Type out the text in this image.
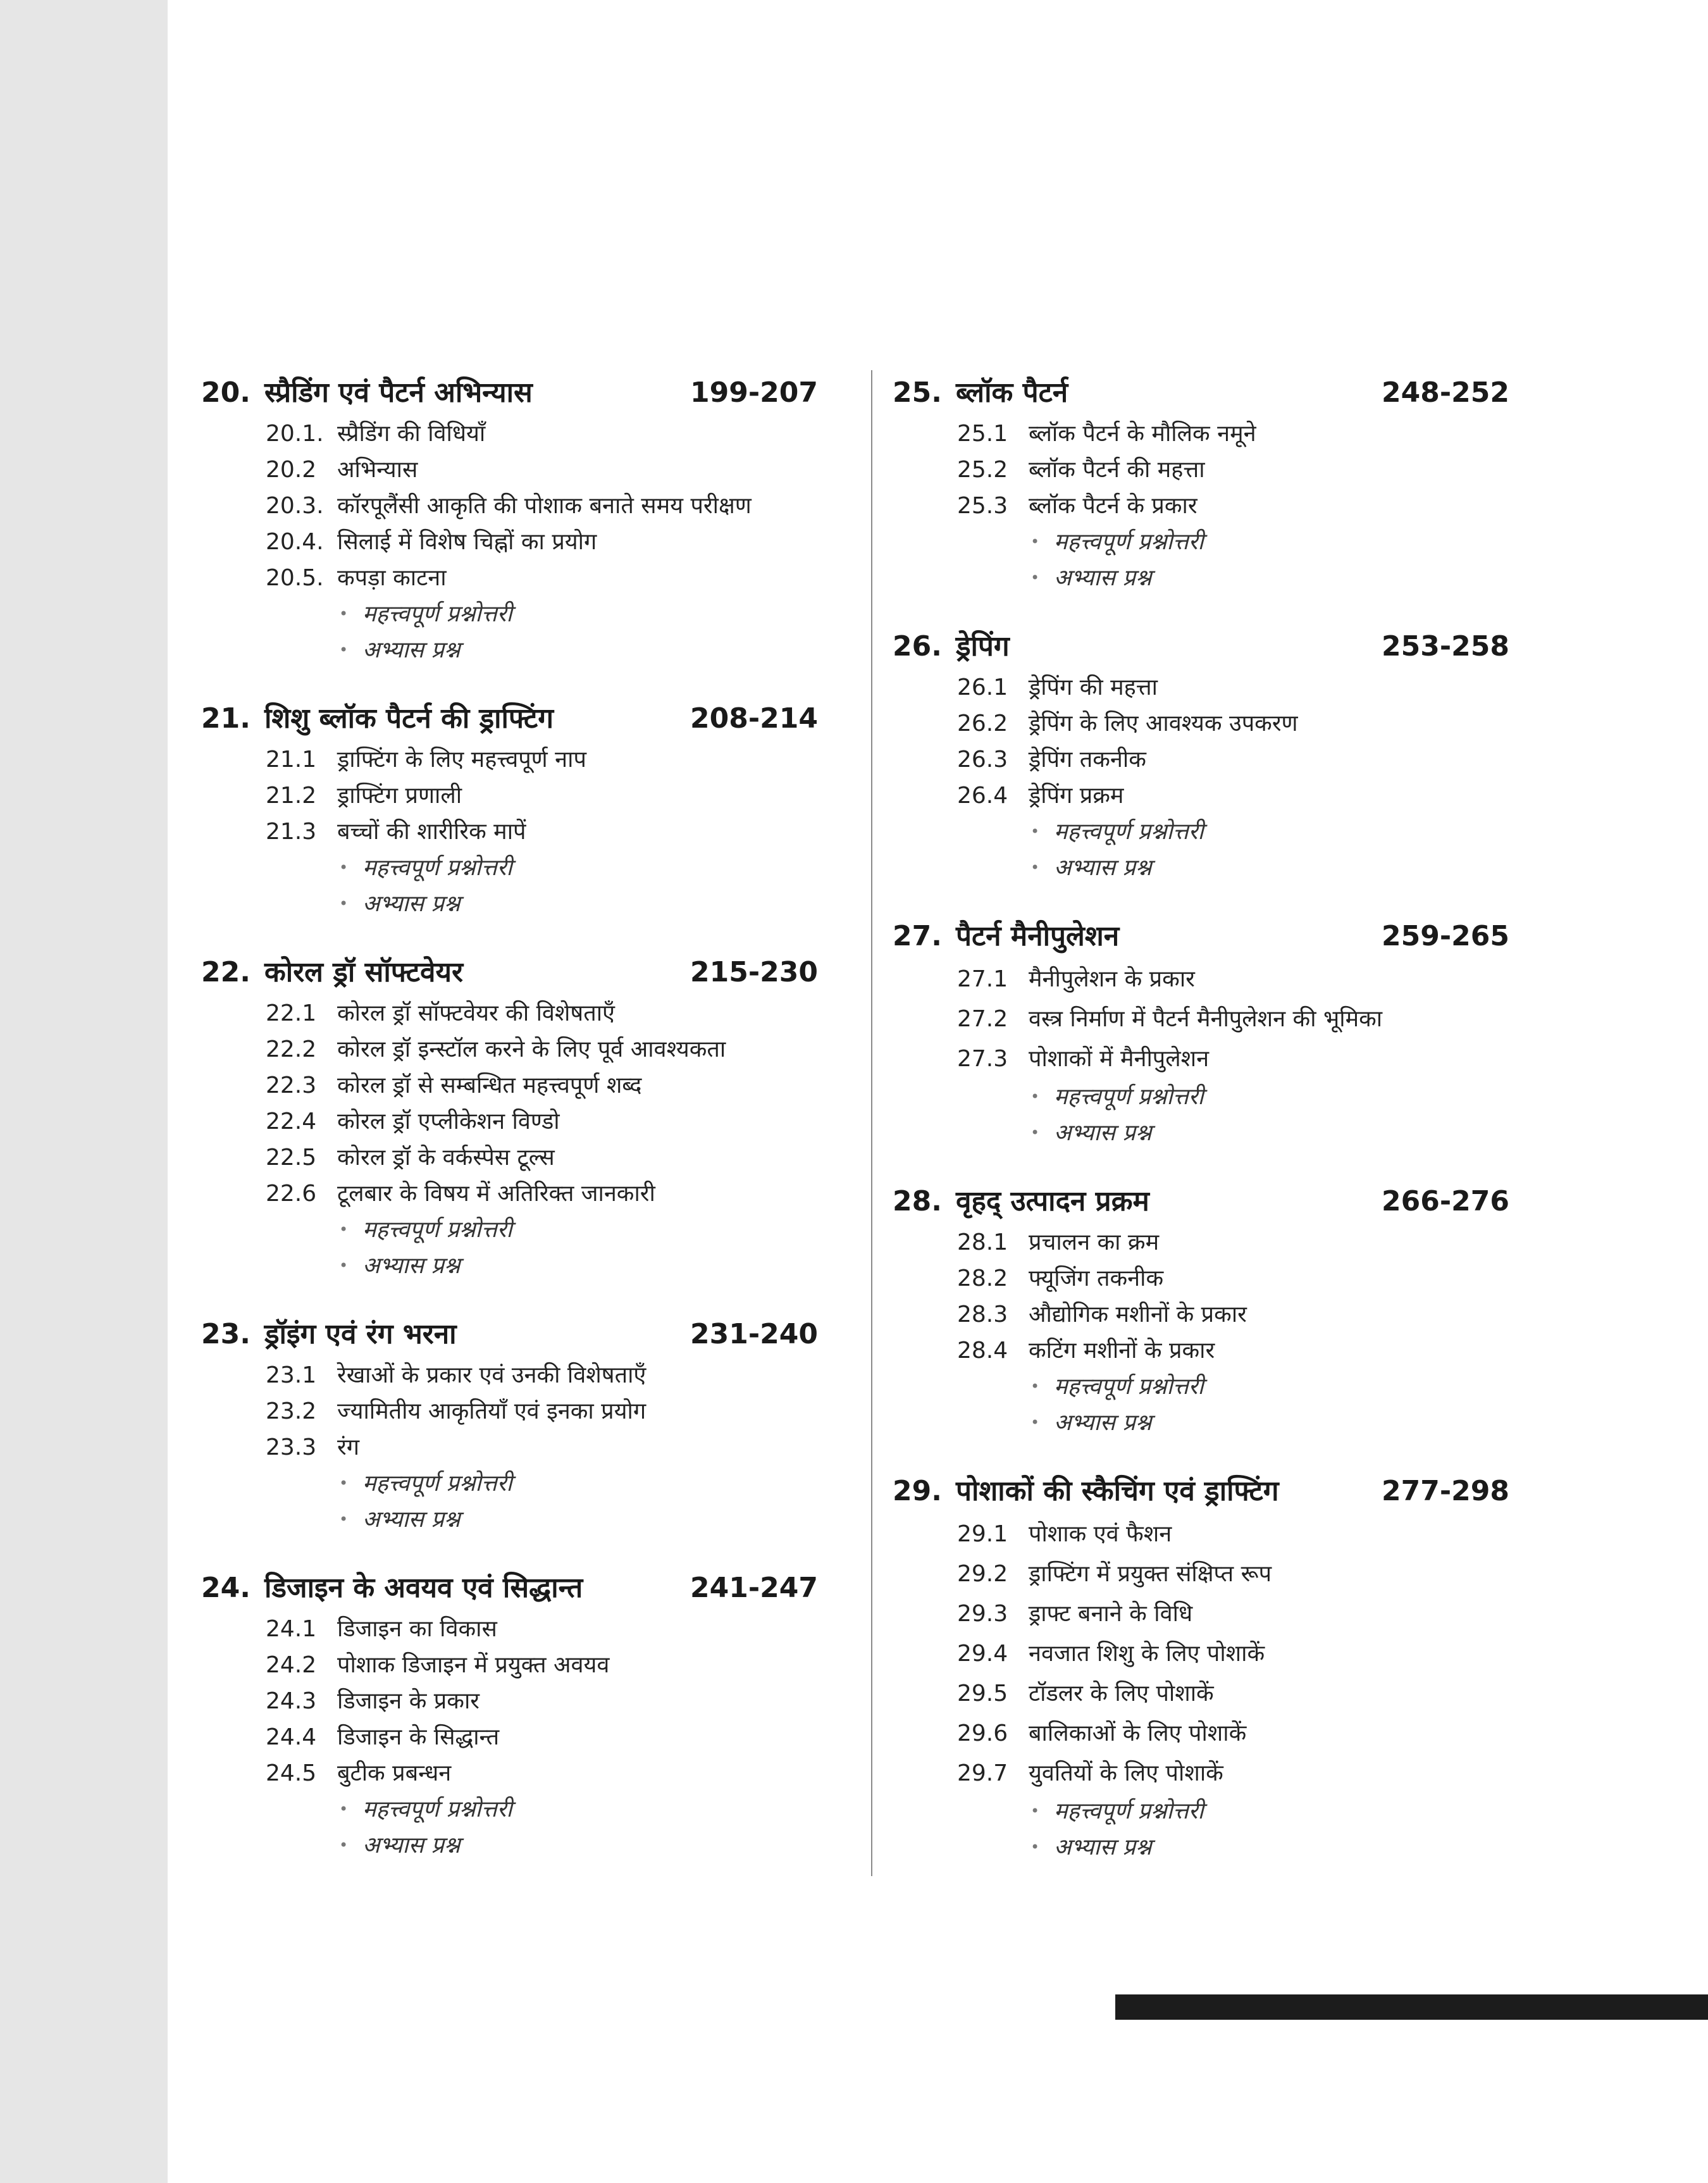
20. स्प्रैडिंग एवं पैटर्न अभिन्यास	199-207
20.1. स्प्रैडिंग की विधियाँ
20.2 अभिन्यास
20.3. कॉरपूलैंसी आकृति की पोशाक बनाते समय परीक्षण
20.4. सिलाई में विशेष चिह्नों का प्रयोग
20.5. कपड़ा काटना
• महत्त्वपूर्ण प्रश्नोत्तरी
• अभ्यास प्रश्न
21. शिशु ब्लॉक पैटर्न की ड्राफ्टिंग	208-214
21.1 ड्राफ्टिंग के लिए महत्त्वपूर्ण नाप
21.2 ड्राफ्टिंग प्रणाली
21.3 बच्चों की शारीरिक मापें
• महत्त्वपूर्ण प्रश्नोत्तरी
• अभ्यास प्रश्न
22. कोरल ड्रॉ सॉफ्टवेयर	215-230
22.1 कोरल ड्रॉ सॉफ्टवेयर की विशेषताएँ
22.2 कोरल ड्रॉ इन्स्टॉल करने के लिए पूर्व आवश्यकता
22.3 कोरल ड्रॉ से सम्बन्धित महत्त्वपूर्ण शब्द
22.4 कोरल ड्रॉ एप्लीकेशन विण्डो
22.5 कोरल ड्रॉ के वर्कस्पेस टूल्स
22.6 टूलबार के विषय में अतिरिक्त जानकारी
• महत्त्वपूर्ण प्रश्नोत्तरी
• अभ्यास प्रश्न
23. ड्रॉइंग एवं रंग भरना	231-240
23.1 रेखाओं के प्रकार एवं उनकी विशेषताएँ
23.2 ज्यामितीय आकृतियाँ एवं इनका प्रयोग
23.3 रंग
• महत्त्वपूर्ण प्रश्नोत्तरी
• अभ्यास प्रश्न
24. डिजाइन के अवयव एवं सिद्धान्त	241-247
24.1 डिजाइन का विकास
24.2 पोशाक डिजाइन में प्रयुक्त अवयव
24.3 डिजाइन के प्रकार
24.4 डिजाइन के सिद्धान्त
24.5 बुटीक प्रबन्धन
• महत्त्वपूर्ण प्रश्नोत्तरी
• अभ्यास प्रश्न
25. ब्लॉक पैटर्न	248-252
25.1 ब्लॉक पैटर्न के मौलिक नमूने
25.2 ब्लॉक पैटर्न की महत्ता
25.3 ब्लॉक पैटर्न के प्रकार
• महत्त्वपूर्ण प्रश्नोत्तरी
• अभ्यास प्रश्न
26. ड्रेपिंग	253-258
26.1 ड्रेपिंग की महत्ता
26.2 ड्रेपिंग के लिए आवश्यक उपकरण
26.3 ड्रेपिंग तकनीक
26.4 ड्रेपिंग प्रक्रम
• महत्त्वपूर्ण प्रश्नोत्तरी
• अभ्यास प्रश्न
27. पैटर्न मैनीपुलेशन	259-265
27.1 मैनीपुलेशन के प्रकार
27.2 वस्त्र निर्माण में पैटर्न मैनीपुलेशन की भूमिका
27.3 पोशाकों में मैनीपुलेशन
• महत्त्वपूर्ण प्रश्नोत्तरी
• अभ्यास प्रश्न
28. वृहद् उत्पादन प्रक्रम	266-276
28.1 प्रचालन का क्रम
28.2 फ्यूजिंग तकनीक
28.3 औद्योगिक मशीनों के प्रकार
28.4 कटिंग मशीनों के प्रकार
• महत्त्वपूर्ण प्रश्नोत्तरी
• अभ्यास प्रश्न
29. पोशाकों की स्कैचिंग एवं ड्राफ्टिंग	277-298
29.1 पोशाक एवं फैशन
29.2 ड्राफ्टिंग में प्रयुक्त संक्षिप्त रूप
29.3 ड्राफ्ट बनाने के विधि
29.4 नवजात शिशु के लिए पोशाकें
29.5 टॉडलर के लिए पोशाकें
29.6 बालिकाओं के लिए पोशाकें
29.7 युवतियों के लिए पोशाकें
• महत्त्वपूर्ण प्रश्नोत्तरी
• अभ्यास प्रश्न
